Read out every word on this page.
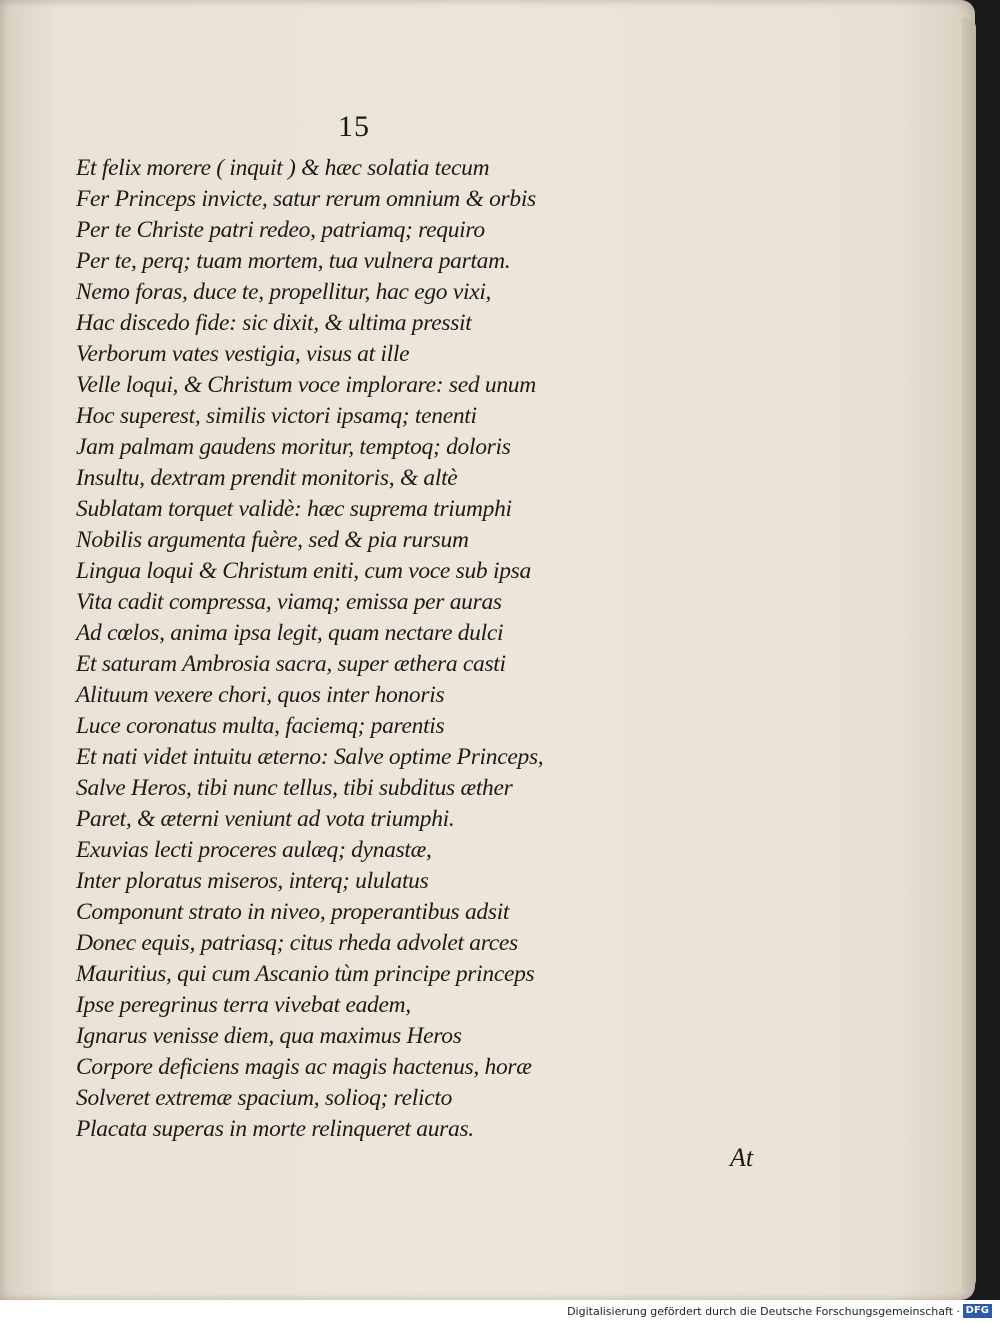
15
Et felix morere ( inquit ) & hæc solatia tecum
Fer Princeps invicte, satur rerum omnium & orbis
Per te Christe patri redeo, patriamq; requiro
Per te, perq; tuam mortem, tua vulnera partam.
Nemo foras, duce te, propellitur, hac ego vixi,
Hac discedo fide: sic dixit, & ultima pressit
Verborum vates vestigia, visus at ille
Velle loqui, & Christum voce implorare: sed unum
Hoc superest, similis victori ipsamq; tenenti
Jam palmam gaudens moritur, temptoq; doloris
Insultu, dextram prendit monitoris, & altè
Sublatam torquet validè: hæc suprema triumphi
Nobilis argumenta fuère, sed & pia rursum
Lingua loqui & Christum eniti, cum voce sub ipsa
Vita cadit compressa, viamq; emissa per auras
Ad cœlos, anima ipsa legit, quam nectare dulci
Et saturam Ambrosia sacra, super æthera casti
Alituum vexere chori, quos inter honoris
Luce coronatus multa, faciemq; parentis
Et nati videt intuitu æterno: Salve optime Princeps,
Salve Heros, tibi nunc tellus, tibi subditus æther
Paret, & æterni veniunt ad vota triumphi.
Exuvias lecti proceres aulæq; dynastæ,
Inter ploratus miseros, interq; ululatus
Componunt strato in niveo, properantibus adsit
Donec equis, patriasq; citus rheda advolet arces
Mauritius, qui cum Ascanio tùm principe princeps
Ipse peregrinus terra vivebat eadem,
Ignarus venisse diem, qua maximus Heros
Corpore deficiens magis ac magis hactenus, horæ
Solveret extremæ spacium, solioq; relicto
Placata superas in morte relinqueret auras.
At
Digitalisierung gefördert durch die Deutsche Forschungsgemeinschaft · DFG
